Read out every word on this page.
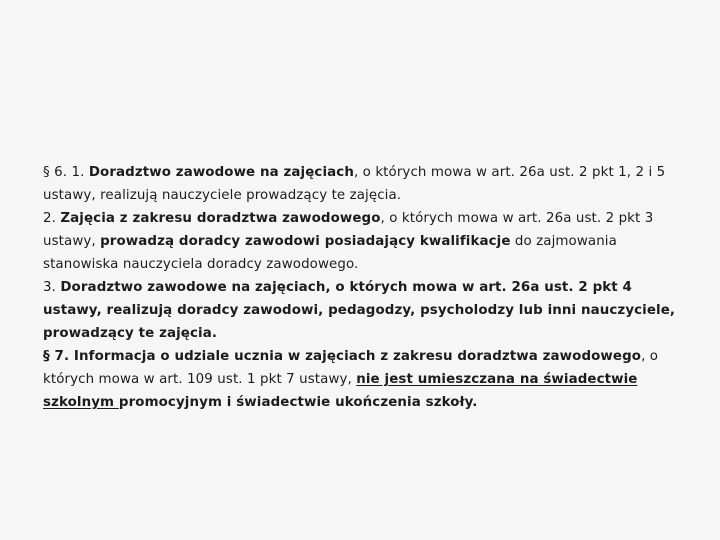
§ 6. 1. Doradztwo zawodowe na zajęciach, o których mowa w art. 26a ust. 2 pkt 1, 2 i 5 ustawy, realizują nauczyciele prowadzący te zajęcia.

2. Zajęcia z zakresu doradztwa zawodowego, o których mowa w art. 26a ust. 2 pkt 3 ustawy, prowadzą doradcy zawodowi posiadający kwalifikacje do zajmowania stanowiska nauczyciela doradcy zawodowego.

3. Doradztwo zawodowe na zajęciach, o których mowa w art. 26a ust. 2 pkt 4 ustawy, realizują doradcy zawodowi, pedagodzy, psycholodzy lub inni nauczyciele, prowadzący te zajęcia.

§ 7. Informacja o udziale ucznia w zajęciach z zakresu doradztwa zawodowego, o których mowa w art. 109 ust. 1 pkt 7 ustawy, nie jest umieszczana na świadectwie szkolnym promocyjnym i świadectwie ukończenia szkoły.
